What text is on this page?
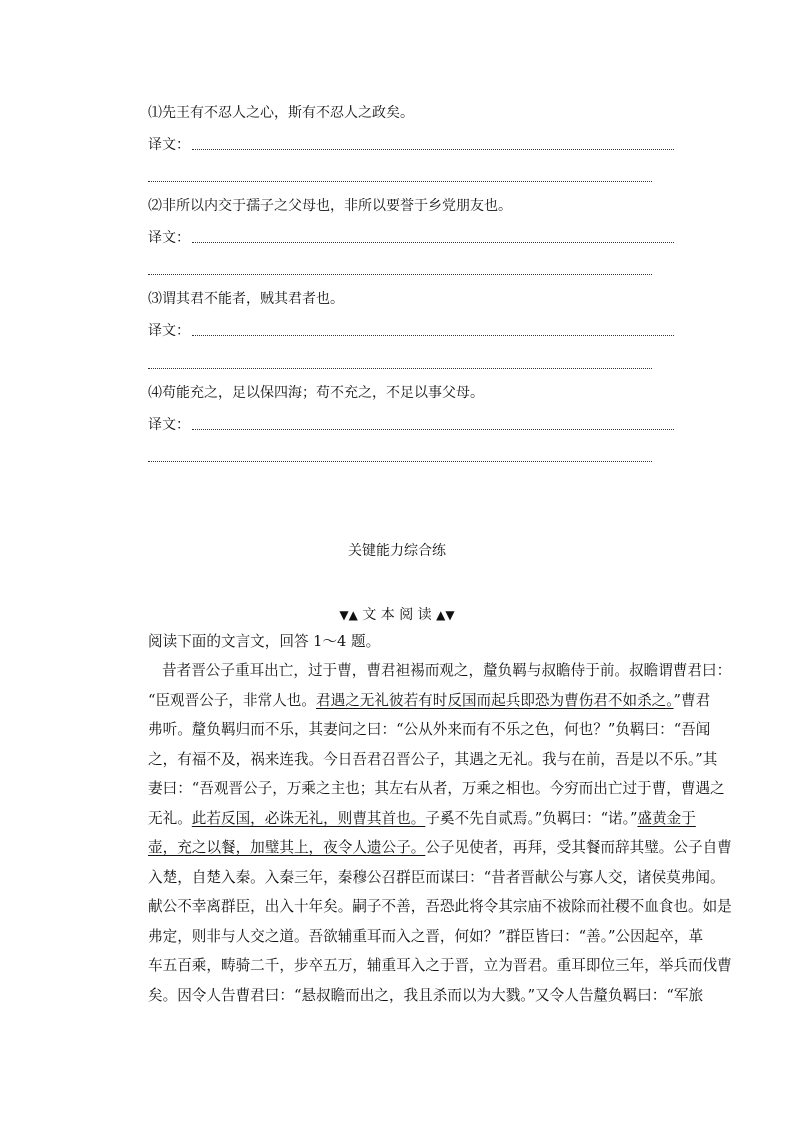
⑴先王有不忍人之心，斯有不忍人之政矣。
译文：
⑵非所以内交于孺子之父母也，非所以要誉于乡党朋友也。
译文：
⑶谓其君不能者，贼其君者也。
译文：
⑷苟能充之，足以保四海；苟不充之，不足以事父母。
译文：
关键能力综合练
▼▲ 文 本 阅 读 ▲▼
阅读下面的文言文，回答 1～4 题。
昔者晋公子重耳出亡，过于曹，曹君袒裼而观之，釐负羁与叔瞻侍于前。叔瞻谓曹君曰：
“臣观晋公子，非常人也。君遇之无礼彼若有时反国而起兵即恐为曹伤君不如杀之。”曹君
弗听。釐负羁归而不乐，其妻问之曰：“公从外来而有不乐之色，何也？”负羁曰：“吾闻
之，有福不及，祸来连我。今日吾君召晋公子，其遇之无礼。我与在前，吾是以不乐。”其
妻曰：“吾观晋公子，万乘之主也；其左右从者，万乘之相也。今穷而出亡过于曹，曹遇之
无礼。此若反国，必诛无礼，则曹其首也。子奚不先自贰焉。”负羁曰：“诺。”盛黄金于
壶，充之以餐，加璧其上，夜令人遗公子。公子见使者，再拜，受其餐而辞其璧。公子自曹
入楚，自楚入秦。入秦三年，秦穆公召群臣而谋曰：“昔者晋献公与寡人交，诸侯莫弗闻。
献公不幸离群臣，出入十年矣。嗣子不善，吾恐此将令其宗庙不祓除而社稷不血食也。如是
弗定，则非与人交之道。吾欲辅重耳而入之晋，何如？”群臣皆曰：“善。”公因起卒，革
车五百乘，畴骑二千，步卒五万，辅重耳入之于晋，立为晋君。重耳即位三年，举兵而伐曹
矣。因令人告曹君曰：“悬叔瞻而出之，我且杀而以为大戮。”又令人告釐负羁曰：“军旅
